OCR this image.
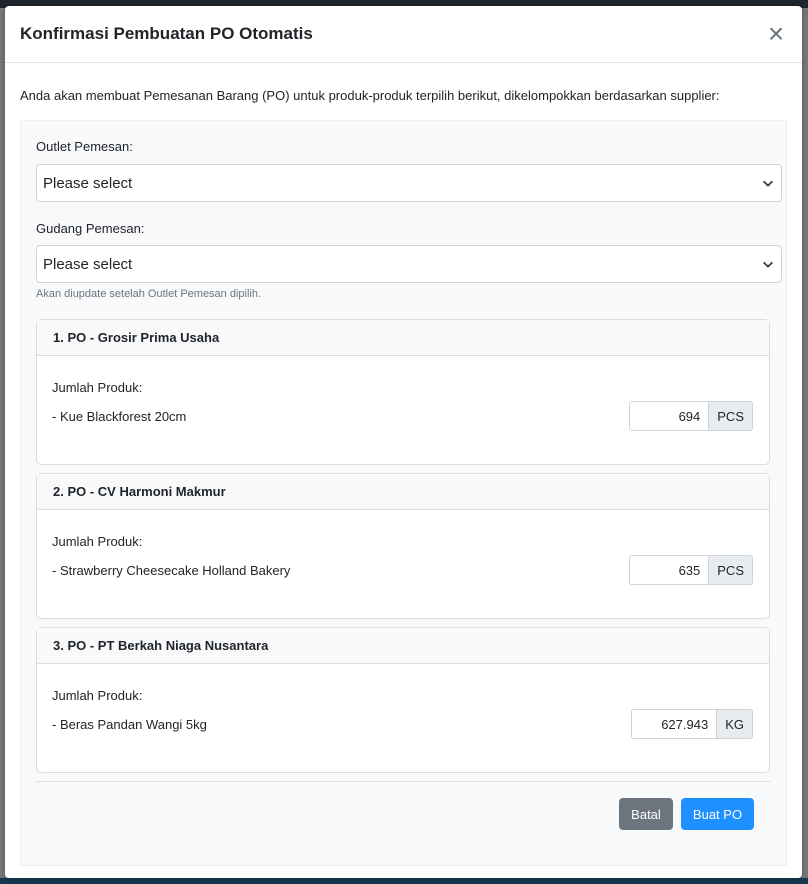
Konfirmasi Pembuatan PO Otomatis	×
Anda akan membuat Pemesanan Barang (PO) untuk produk-produk terpilih berikut, dikelompokkan berdasarkan supplier:
Outlet Pemesan:
Please select
Gudang Pemesan:
Please select
Akan diupdate setelah Outlet Pemesan dipilih.
1. PO - Grosir Prima Usaha
Jumlah Produk:
- Kue Blackforest 20cm	694	PCS
2. PO - CV Harmoni Makmur
Jumlah Produk:
- Strawberry Cheesecake Holland Bakery	635	PCS
3. PO - PT Berkah Niaga Nusantara
Jumlah Produk:
- Beras Pandan Wangi 5kg	627.943	KG
Batal	Buat PO
